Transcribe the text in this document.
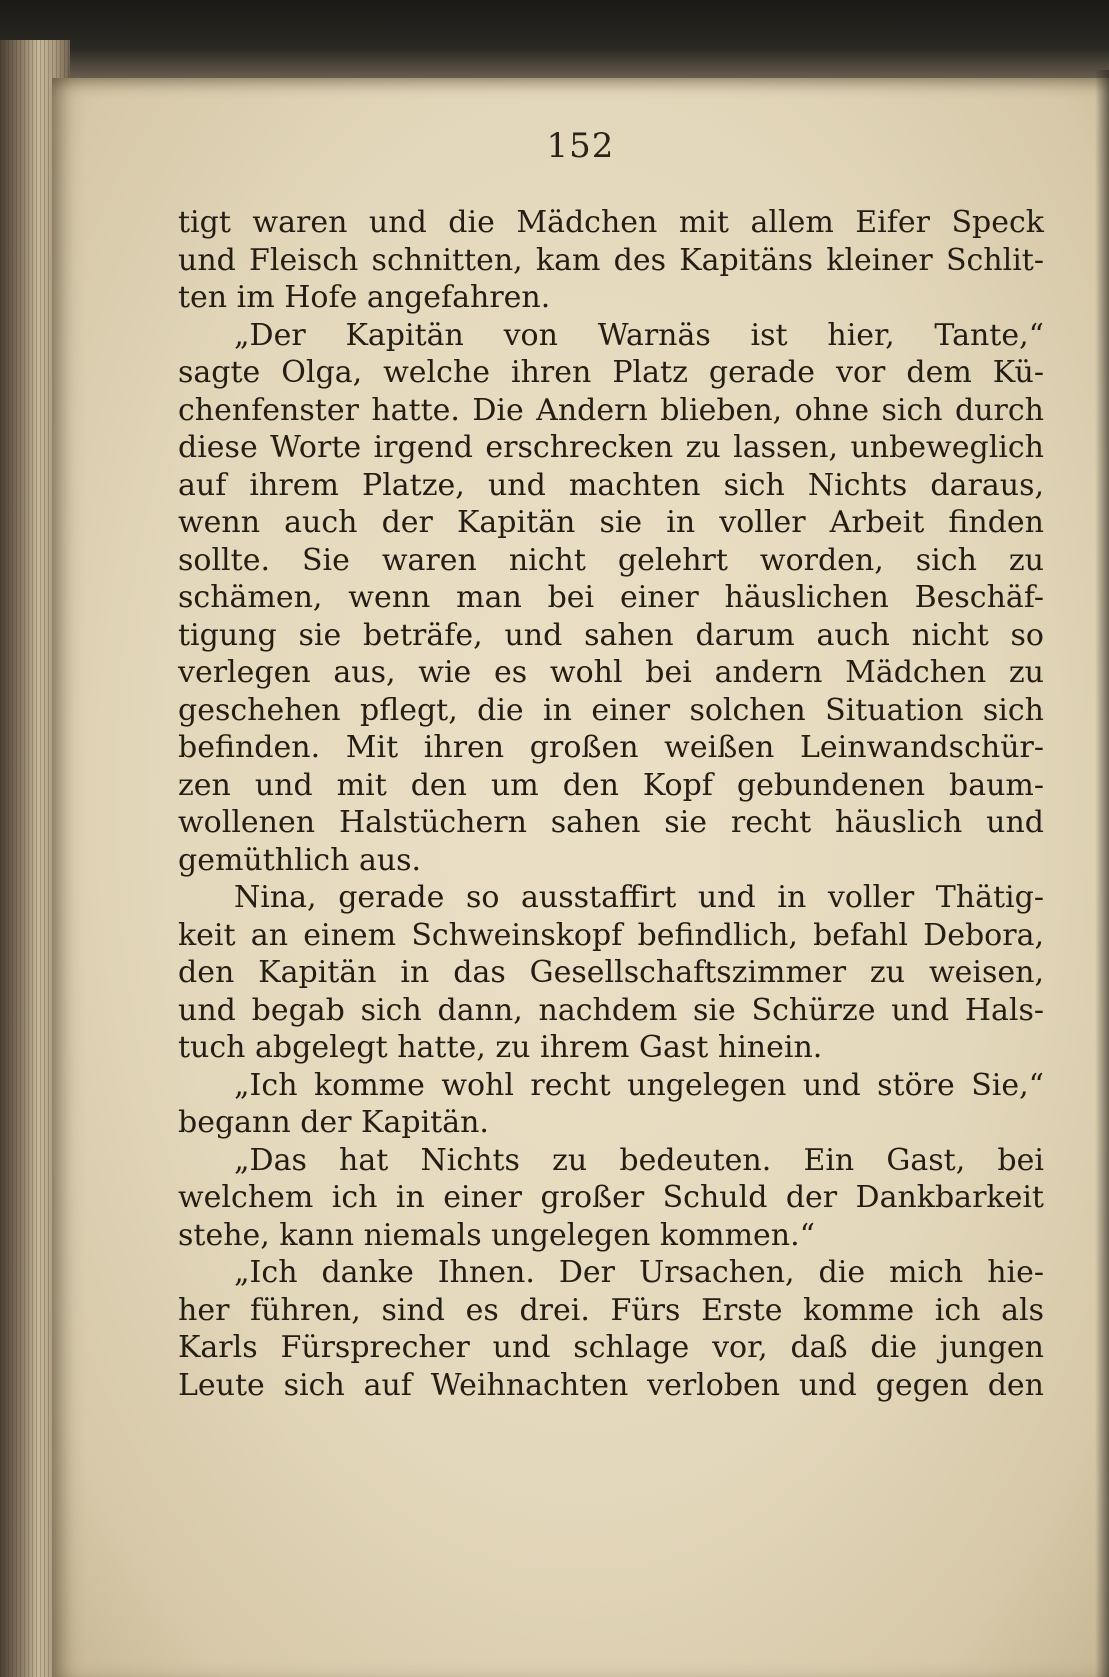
152
tigt waren und die Mädchen mit allem Eifer Speck
und Fleisch schnitten, kam des Kapitäns kleiner Schlit-
ten im Hofe angefahren.
„Der Kapitän von Warnäs ist hier, Tante,“
sagte Olga, welche ihren Platz gerade vor dem Kü-
chenfenster hatte. Die Andern blieben, ohne sich durch
diese Worte irgend erschrecken zu lassen, unbeweglich
auf ihrem Platze, und machten sich Nichts daraus,
wenn auch der Kapitän sie in voller Arbeit finden
sollte. Sie waren nicht gelehrt worden, sich zu
schämen, wenn man bei einer häuslichen Beschäf-
tigung sie beträfe, und sahen darum auch nicht so
verlegen aus, wie es wohl bei andern Mädchen zu
geschehen pflegt, die in einer solchen Situation sich
befinden. Mit ihren großen weißen Leinwandschür-
zen und mit den um den Kopf gebundenen baum-
wollenen Halstüchern sahen sie recht häuslich und
gemüthlich aus.
Nina, gerade so ausstaffirt und in voller Thätig-
keit an einem Schweinskopf befindlich, befahl Debora,
den Kapitän in das Gesellschaftszimmer zu weisen,
und begab sich dann, nachdem sie Schürze und Hals-
tuch abgelegt hatte, zu ihrem Gast hinein.
„Ich komme wohl recht ungelegen und störe Sie,“
begann der Kapitän.
„Das hat Nichts zu bedeuten. Ein Gast, bei
welchem ich in einer großer Schuld der Dankbarkeit
stehe, kann niemals ungelegen kommen.“
„Ich danke Ihnen. Der Ursachen, die mich hie-
her führen, sind es drei. Fürs Erste komme ich als
Karls Fürsprecher und schlage vor, daß die jungen
Leute sich auf Weihnachten verloben und gegen den
